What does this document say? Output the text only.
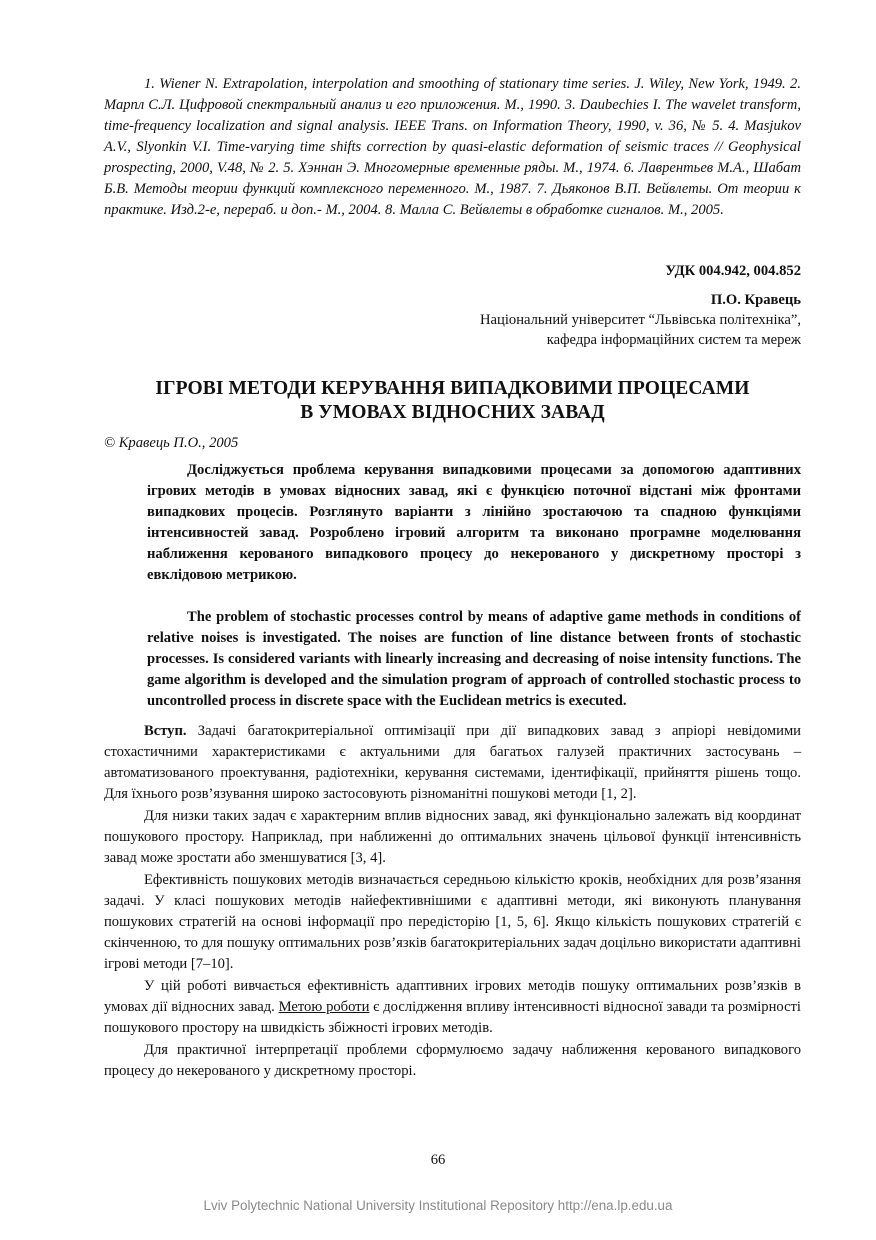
1. Wiener N. Extrapolation, interpolation and smoothing of stationary time series. J. Wiley, New York, 1949. 2. Марпл С.Л. Цифровой спектральный анализ и его приложения. М., 1990. 3. Daubechies I. The wavelet transform, time-frequency localization and signal analysis. IEEE Trans. on Information Theory, 1990, v. 36, № 5. 4. Masjukov A.V., Slyonkin V.I. Time-varying time shifts correction by quasi-elastic deformation of seismic traces // Geophysical prospecting, 2000, V.48, № 2. 5. Хэннан Э. Многомерные временные ряды. М., 1974. 6. Лаврентьев М.А., Шабат Б.В. Методы теории функций комплексного переменного. М., 1987. 7. Дьяконов В.П. Вейвлеты. От теории к практике. Изд.2-е, перераб. и доп.- М., 2004. 8. Малла С. Вейвлеты в обработке сигналов. М., 2005.

УДК 004.942, 004.852
П.О. Кравець
Національний університет “Львівська політехніка”,
кафедра інформаційних систем та мереж
ІГРОВІ МЕТОДИ КЕРУВАННЯ ВИПАДКОВИМИ ПРОЦЕСАМИ
В УМОВАХ ВІДНОСНИХ ЗАВАД
© Кравець П.О., 2005

Досліджується проблема керування випадковими процесами за допомогою адаптивних ігрових методів в умовах відносних завад, які є функцією поточної відстані між фронтами випадкових процесів. Розглянуто варіанти з лінійно зростаючою та спадною функціями інтенсивностей завад. Розроблено ігровий алгоритм та виконано програмне моделювання наближення керованого випадкового процесу до некерованого у дискретному просторі з евклідовою метрикою.

The problem of stochastic processes control by means of adaptive game methods in conditions of relative noises is investigated. The noises are function of line distance between fronts of stochastic processes. Is considered variants with linearly increasing and decreasing of noise intensity functions. The game algorithm is developed and the simulation program of approach of controlled stochastic process to uncontrolled process in discrete space with the Euclidean metrics is executed.

Вступ. Задачі багатокритеріальної оптимізації при дії випадкових завад з апріорі невідомими стохастичними характеристиками є актуальними для багатьох галузей практичних застосувань – автоматизованого проектування, радіотехніки, керування системами, ідентифікації, прийняття рішень тощо. Для їхнього розв’язування широко застосовують різноманітні пошукові методи [1, 2].

Для низки таких задач є характерним вплив відносних завад, які функціонально залежать від координат пошукового простору. Наприклад, при наближенні до оптимальних значень цільової функції інтенсивність завад може зростати або зменшуватися [3, 4].

Ефективність пошукових методів визначається середньою кількістю кроків, необхідних для розв’язання задачі. У класі пошукових методів найефективнішими є адаптивні методи, які виконують планування пошукових стратегій на основі інформації про передісторію [1, 5, 6]. Якщо кількість пошукових стратегій є скінченною, то для пошуку оптимальних розв’язків багатокритеріальних задач доцільно використати адаптивні ігрові методи [7–10].

У цій роботі вивчається ефективність адаптивних ігрових методів пошуку оптимальних розв’язків в умовах дії відносних завад. Метою роботи є дослідження впливу інтенсивності відносної завади та розмірності пошукового простору на швидкість збіжності ігрових методів.

Для практичної інтерпретації проблеми сформулюємо задачу наближення керованого випадкового процесу до некерованого у дискретному просторі.

66
Lviv Polytechnic National University Institutional Repository http://ena.lp.edu.ua
